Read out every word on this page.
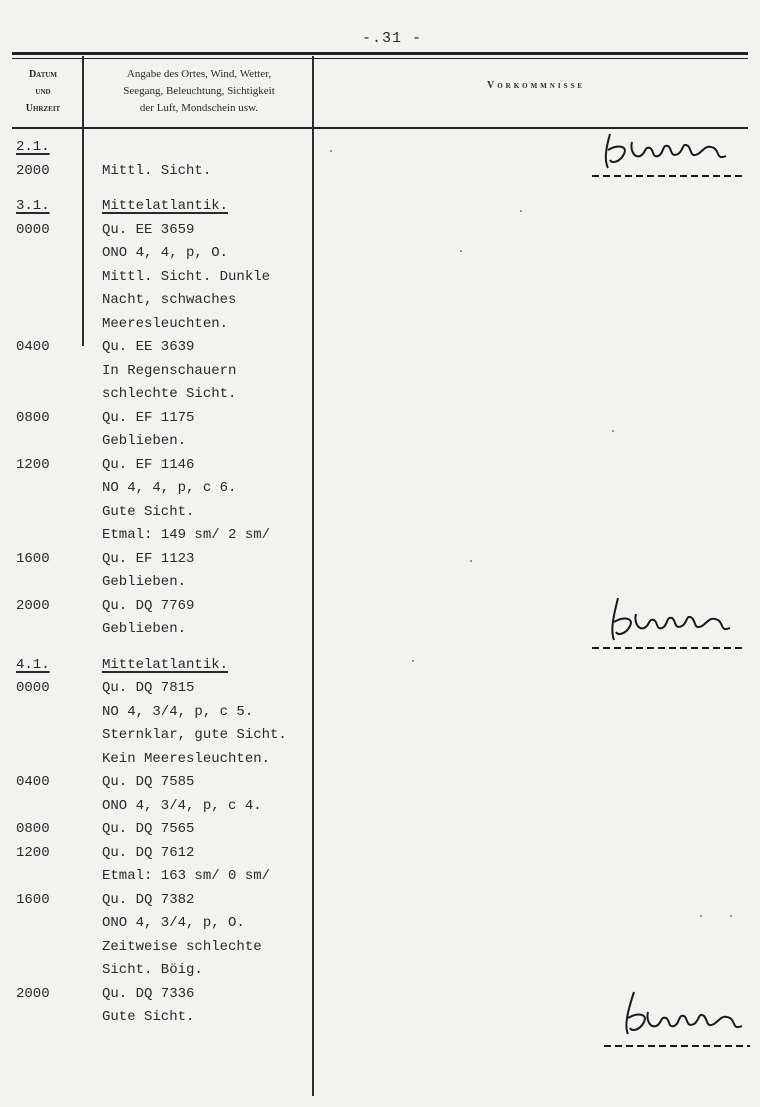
-.31 -
Datum
und
Uhrzeit
Angabe des Ortes, Wind, Wetter,
Seegang, Beleuchtung, Sichtigkeit
der Luft, Mondschein usw.
Vorkommnisse
2.1.
2000	Mittl. Sicht.
3.1.	Mittelatlantik.
0000	Qu. EE 3659
ONO 4, 4, p, O.
Mittl. Sicht. Dunkle
Nacht, schwaches
Meeresleuchten.
0400	Qu. EE 3639
In Regenschauern
schlechte Sicht.
0800	Qu. EF 1175
Geblieben.
1200	Qu. EF 1146
NO 4, 4, p, c 6.
Gute Sicht.
Etmal: 149 sm/ 2 sm/
1600	Qu. EF 1123
Geblieben.
2000	Qu. DQ 7769
Geblieben.
4.1.	Mittelatlantik.
0000	Qu. DQ 7815
NO 4, 3/4, p, c 5.
Sternklar, gute Sicht.
Kein Meeresleuchten.
0400	Qu. DQ 7585
ONO 4, 3/4, p, c 4.
0800	Qu. DQ 7565
1200	Qu. DQ 7612
Etmal: 163 sm/ 0 sm/
1600	Qu. DQ 7382
ONO 4, 3/4, p, O.
Zeitweise schlechte
Sicht. Böig.
2000	Qu. DQ 7336
Gute Sicht.
